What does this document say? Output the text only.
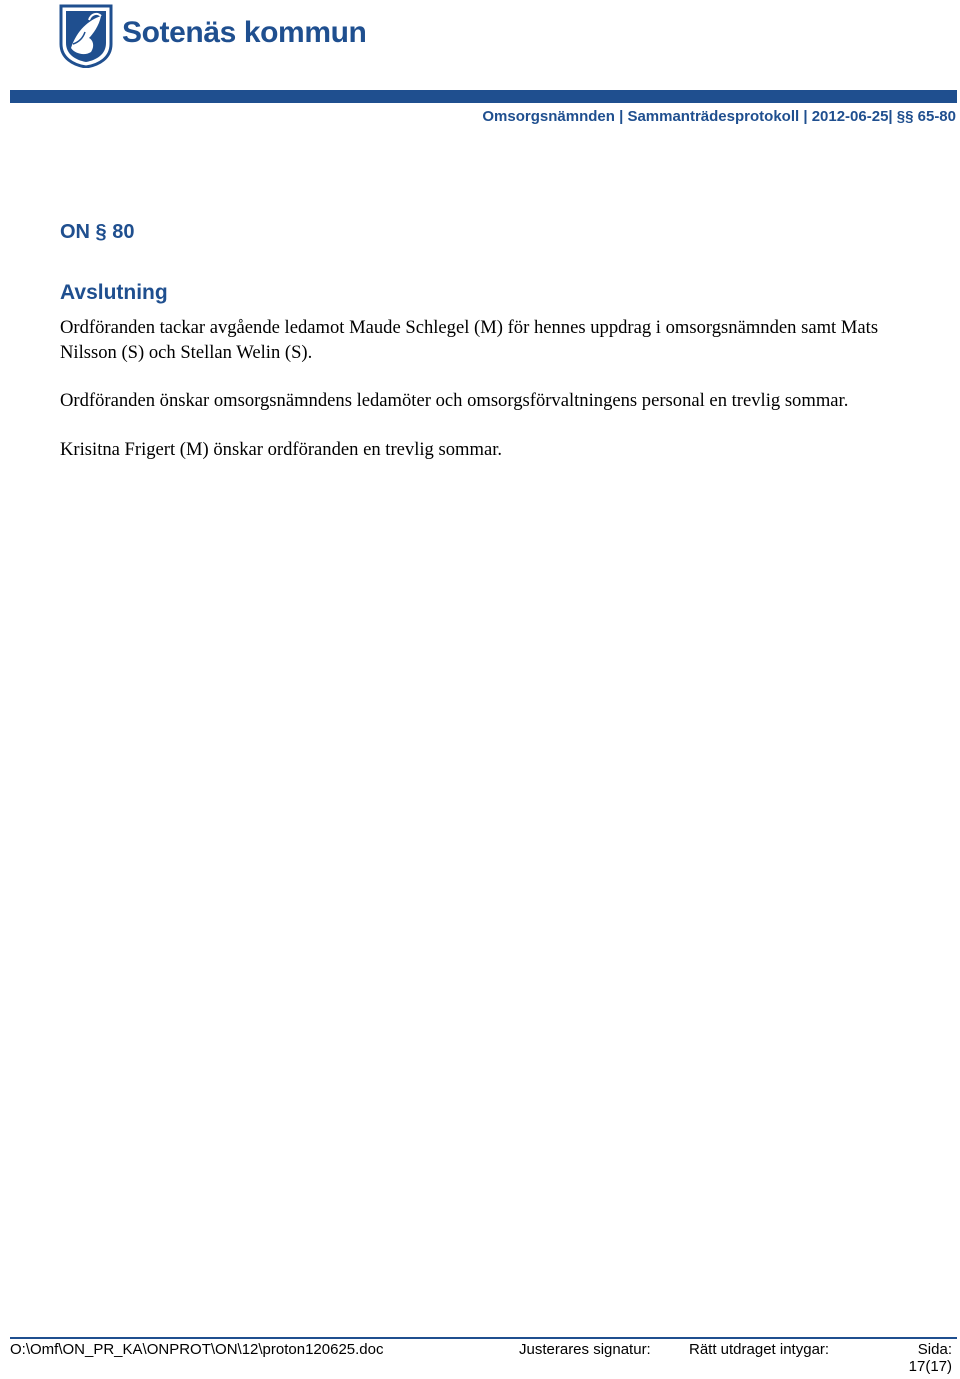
Sotenäs kommun
Omsorgsnämnden | Sammanträdesprotokoll | 2012-06-25| §§ 65-80
ON § 80
Avslutning

Ordföranden tackar avgående ledamot Maude Schlegel (M) för hennes uppdrag i omsorgsnämnden samt Mats Nilsson (S) och Stellan Welin (S).

Ordföranden önskar omsorgsnämndens ledamöter och omsorgsförvaltningens personal en trevlig sommar.

Krisitna Frigert (M) önskar ordföranden en trevlig sommar.

O:\Omf\ON_PR_KA\ONPROT\ON\12\proton120625.doc	Justerares signatur:	Rätt utdraget intygar:	Sida:
17(17)
